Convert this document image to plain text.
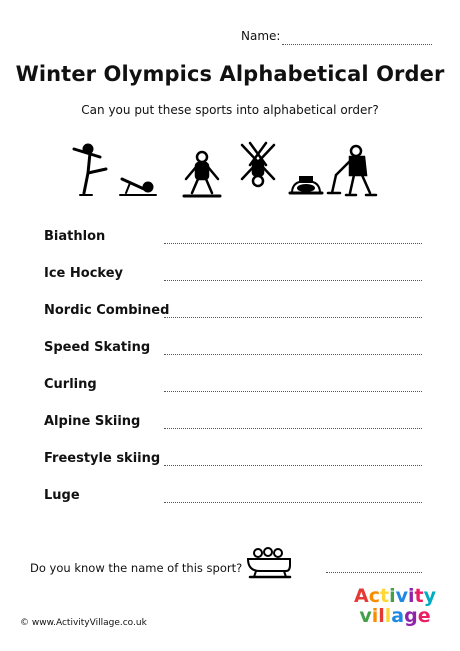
Name:
Winter Olympics Alphabetical Order
Can you put these sports into alphabetical order?
Biathlon
Ice Hockey
Nordic Combined
Speed Skating
Curling
Alpine Skiing
Freestyle skiing
Luge
Do you know the name of this sport?
© www.ActivityVillage.co.uk
Activity
village
